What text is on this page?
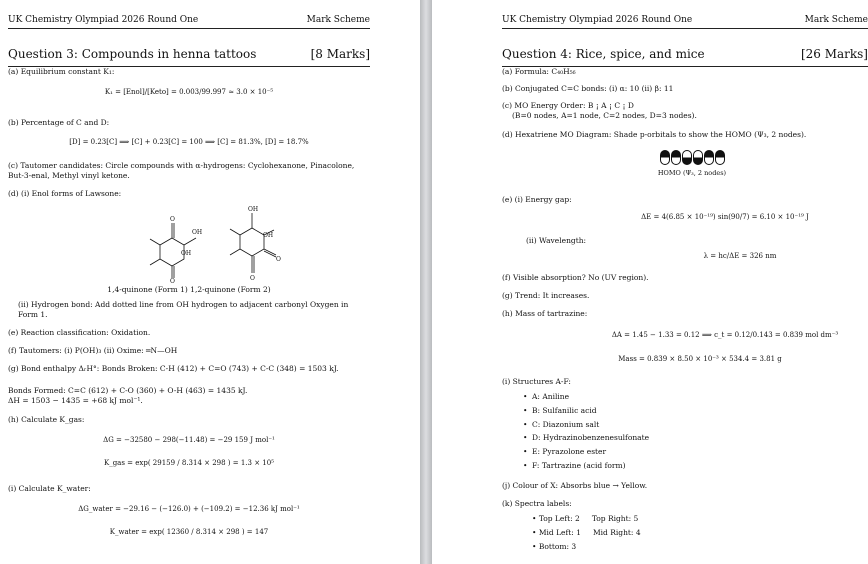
UK Chemistry Olympiad 2026 Round One	Mark Scheme
Question 3: Compounds in henna tattoos	[8 Marks]
(a) Equilibrium constant K₁:
K₁ = [Enol]/[Keto] = 0.003/99.997 ≈ 3.0 × 10⁻⁵
(b) Percentage of C and D:
[D] = 0.23[C] ⟹ [C] + 0.23[C] = 100 ⟹ [C] = 81.3%, [D] = 18.7%
(c) Tautomer candidates: Circle compounds with α-hydrogens: Cyclohexanone, Pinacolone, But-3-enal, Methyl vinyl ketone.
(d) (i) Enol forms of Lawsone:
OH
OH
O
O
OH
OH
O
O
1,4-quinone (Form 1) 1,2-quinone (Form 2)
(ii) Hydrogen bond: Add dotted line from OH hydrogen to adjacent carbonyl Oxygen in Form 1.
(e) Reaction classification: Oxidation.
(f) Tautomers: (i) P(OH)₃ (ii) Oxime: ═N—OH
(g) Bond enthalpy ΔᵣH°: Bonds Broken: C-H (412) + C=O (743) + C-C (348) = 1503 kJ.
Bonds Formed: C=C (612) + C-O (360) + O-H (463) = 1435 kJ.
ΔH = 1503 − 1435 = +68 kJ mol⁻¹.
(h) Calculate K_gas:
ΔG = −32580 − 298(−11.48) = −29 159 J mol⁻¹
K_gas = exp( 29159 / 8.314 × 298 ) = 1.3 × 10⁵
(i) Calculate K_water:
ΔG_water = −29.16 − (−126.0) + (−109.2) = −12.36 kJ mol⁻¹
K_water = exp( 12360 / 8.314 × 298 ) = 147
UK Chemistry Olympiad 2026 Round One	Mark Scheme
Question 4: Rice, spice, and mice	[26 Marks]
(a) Formula: C₄₀H₅₆
(b) Conjugated C=C bonds: (i) α: 10 (ii) β: 11
(c) MO Energy Order: B ¡ A ¡ C ¡ D
(B=0 nodes, A=1 node, C=2 nodes, D=3 nodes).
(d) Hexatriene MO Diagram: Shade p-orbitals to show the HOMO (Ψ₃, 2 nodes).
HOMO (Ψ₃, 2 nodes)
(e) (i) Energy gap:
ΔE = 4(6.85 × 10⁻¹⁹) sin(90/7) = 6.10 × 10⁻¹⁹ J
(ii) Wavelength:
λ = hc/ΔE = 326 nm
(f) Visible absorption? No (UV region).
(g) Trend: It increases.
(h) Mass of tartrazine:
ΔA = 1.45 − 1.33 = 0.12 ⟹ c_t = 0.12/0.143 = 0.839 mol dm⁻³
Mass = 0.839 × 8.50 × 10⁻³ × 534.4 = 3.81 g
(i) Structures A-F:
• A: Aniline
• B: Sulfanilic acid
• C: Diazonium salt
• D: Hydrazinobenzenesulfonate
• E: Pyrazolone ester
• F: Tartrazine (acid form)
(j) Colour of X: Absorbs blue → Yellow.
(k) Spectra labels:
• Top Left: 2 Top Right: 5
• Mid Left: 1 Mid Right: 4
• Bottom: 3
